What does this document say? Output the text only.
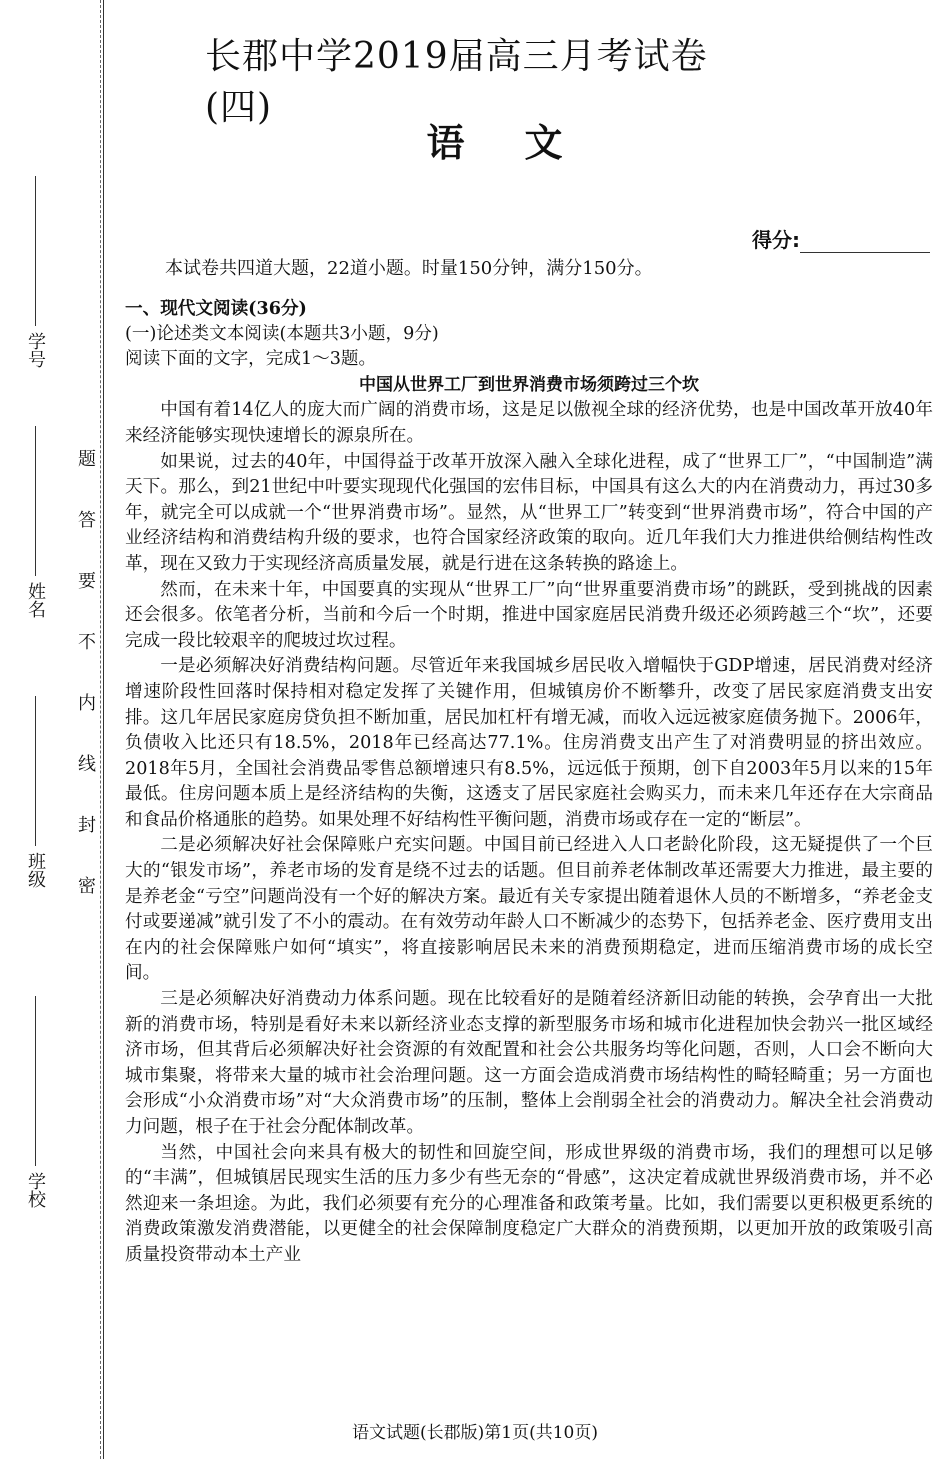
学号
姓名
班级
学校
题
答
要
不
内
线
封
密
长郡中学2019届高三月考试卷(四)
语文
得分:
本试卷共四道大题，22道小题。时量150分钟，满分150分。

一、现代文阅读(36分)

(一)论述类文本阅读(本题共3小题，9分)

阅读下面的文字，完成1～3题。

中国从世界工厂到世界消费市场须跨过三个坎

中国有着14亿人的庞大而广阔的消费市场，这是足以傲视全球的经济优势，也是中国改革开放40年来经济能够实现快速增长的源泉所在。

如果说，过去的40年，中国得益于改革开放深入融入全球化进程，成了“世界工厂”，“中国制造”满天下。那么，到21世纪中叶要实现现代化强国的宏伟目标，中国具有这么大的内在消费动力，再过30多年，就完全可以成就一个“世界消费市场”。显然，从“世界工厂”转变到“世界消费市场”，符合中国的产业经济结构和消费结构升级的要求，也符合国家经济政策的取向。近几年我们大力推进供给侧结构性改革，现在又致力于实现经济高质量发展，就是行进在这条转换的路途上。

然而，在未来十年，中国要真的实现从“世界工厂”向“世界重要消费市场”的跳跃，受到挑战的因素还会很多。依笔者分析，当前和今后一个时期，推进中国家庭居民消费升级还必须跨越三个“坎”，还要完成一段比较艰辛的爬坡过坎过程。

一是必须解决好消费结构问题。尽管近年来我国城乡居民收入增幅快于GDP增速，居民消费对经济增速阶段性回落时保持相对稳定发挥了关键作用，但城镇房价不断攀升，改变了居民家庭消费支出安排。这几年居民家庭房贷负担不断加重，居民加杠杆有增无减，而收入远远被家庭债务抛下。2006年，负债收入比还只有18.5%，2018年已经高达77.1%。住房消费支出产生了对消费明显的挤出效应。2018年5月，全国社会消费品零售总额增速只有8.5%，远远低于预期，创下自2003年5月以来的15年最低。住房问题本质上是经济结构的失衡，这透支了居民家庭社会购买力，而未来几年还存在大宗商品和食品价格通胀的趋势。如果处理不好结构性平衡问题，消费市场或存在一定的“断层”。

二是必须解决好社会保障账户充实问题。中国目前已经进入人口老龄化阶段，这无疑提供了一个巨大的“银发市场”，养老市场的发育是绕不过去的话题。但目前养老体制改革还需要大力推进，最主要的是养老金“亏空”问题尚没有一个好的解决方案。最近有关专家提出随着退休人员的不断增多，“养老金支付或要递减”就引发了不小的震动。在有效劳动年龄人口不断减少的态势下，包括养老金、医疗费用支出在内的社会保障账户如何“填实”，将直接影响居民未来的消费预期稳定，进而压缩消费市场的成长空间。

三是必须解决好消费动力体系问题。现在比较看好的是随着经济新旧动能的转换，会孕育出一大批新的消费市场，特别是看好未来以新经济业态支撑的新型服务市场和城市化进程加快会勃兴一批区域经济市场，但其背后必须解决好社会资源的有效配置和社会公共服务均等化问题，否则，人口会不断向大城市集聚，将带来大量的城市社会治理问题。这一方面会造成消费市场结构性的畸轻畸重；另一方面也会形成“小众消费市场”对“大众消费市场”的压制，整体上会削弱全社会的消费动力。解决全社会消费动力问题，根子在于社会分配体制改革。

当然，中国社会向来具有极大的韧性和回旋空间，形成世界级的消费市场，我们的理想可以足够的“丰满”，但城镇居民现实生活的压力多少有些无奈的“骨感”，这决定着成就世界级消费市场，并不必然迎来一条坦途。为此，我们必须要有充分的心理准备和政策考量。比如，我们需要以更积极更系统的消费政策激发消费潜能，以更健全的社会保障制度稳定广大群众的消费预期，以更加开放的政策吸引高质量投资带动本土产业

语文试题(长郡版)第1页(共10页)
